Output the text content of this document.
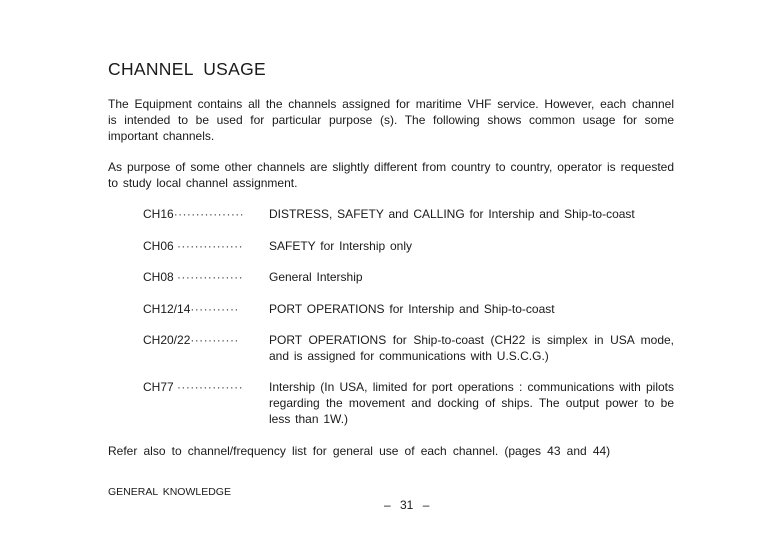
CHANNEL USAGE
The Equipment contains all the channels assigned for maritime VHF service. However, each channel is intended to be used for particular purpose (s). The following shows common usage for some important channels.
As purpose of some other channels are slightly different from country to country, operator is requested to study local channel assignment.
CH16················ DISTRESS, SAFETY and CALLING for Intership and Ship-to-coast
CH06 ··············· SAFETY for Intership only
CH08 ··············· General Intership
CH12/14···········	PORT OPERATIONS for Intership and Ship-to-coast
CH20/22···········	PORT OPERATIONS for Ship-to-coast (CH22 is simplex in USA mode, and is assigned for communications with U.S.C.G.)
CH77 ··············· Intership (In USA, limited for port operations : communications with pilots regarding the movement and docking of ships. The output power to be less than 1W.)
Refer also to channel/frequency list for general use of each channel. (pages 43 and 44)
GENERAL KNOWLEDGE
– 31 –
